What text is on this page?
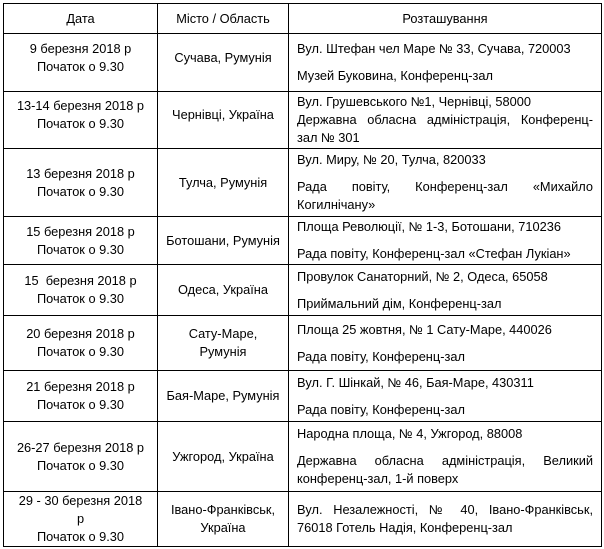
Дата	Місто / Область	Розташування
9 березня 2018 р
Початок о 9.30
Сучава, Румунія
Вул. Штефан чел Маре № 33, Сучава, 720003
Музей Буковина, Конференц-зал
13-14 березня 2018 р
Початок о 9.30
Чернівці, Україна
Вул. Грушевського №1, Чернівці, 58000
Державна обласна адміністрація, Конференц-
зал № 301
13 березня 2018 р
Початок о 9.30
Тулча, Румунія
Вул. Миру, № 20, Тулча, 820033
Рада повіту, Конференц-зал «Михайло
Когилнічану»
15 березня 2018 р
Початок о 9.30
Ботошани, Румунія
Площа Революції, № 1-3, Ботошани, 710236
Рада повіту, Конференц-зал «Стефан Лукіан»
15  березня 2018 р
Початок о 9.30
Одеса, Україна
Провулок Санаторний, № 2, Одеса, 65058
Приймальний дім, Конференц-зал
20 березня 2018 р
Початок о 9.30
Сату-Маре,
Румунія
Площа 25 жовтня, № 1 Сату-Маре, 440026
Рада повіту, Конференц-зал
21 березня 2018 р
Початок о 9.30
Бая-Маре, Румунія
Вул. Г. Шінкай, № 46, Бая-Маре, 430311
Рада повіту, Конференц-зал
26-27 березня 2018 р
Початок о 9.30
Ужгород, Україна
Народна площа, № 4, Ужгород, 88008
Державна обласна адміністрація, Великий
конференц-зал, 1-й поверх
29 - 30 березня 2018
р
Початок о 9.30
Івано-Франківськ,
Україна
Вул. Незалежності, № 40, Івано-Франківськ,
76018 Готель Надія, Конференц-зал
